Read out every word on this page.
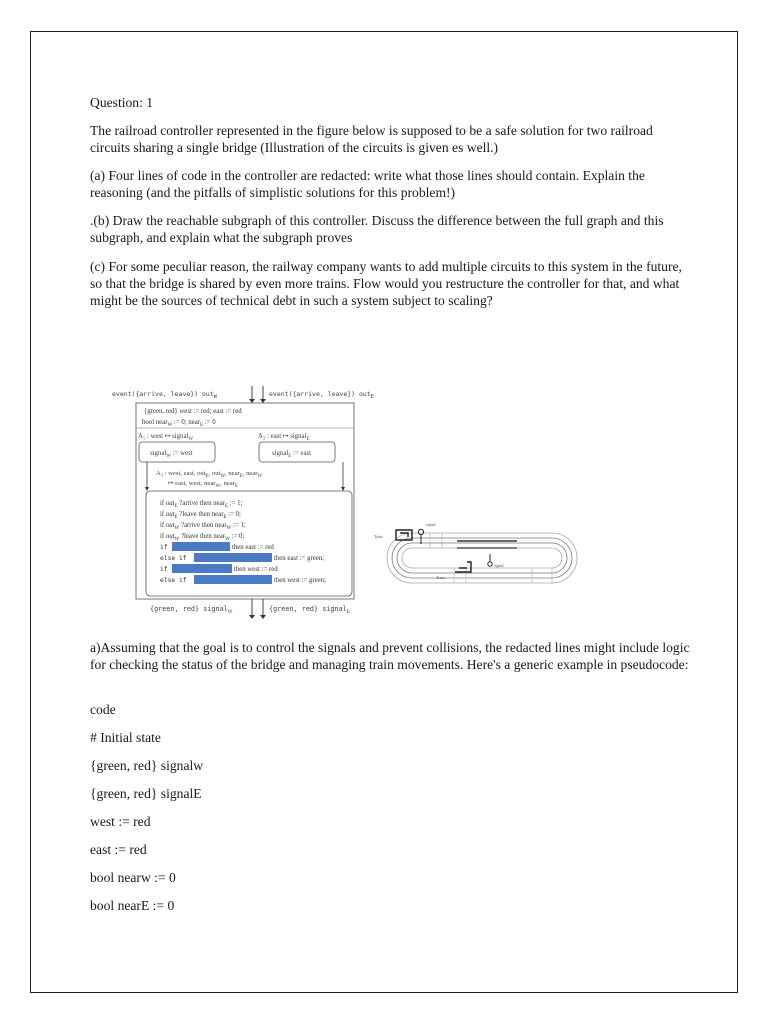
Question: 1
The railroad controller represented in the figure below is supposed to be a safe solution for two railroad circuits sharing a single bridge (Illustration of the circuits is given es well.)
(a) Four lines of code in the controller are redacted: write what those lines should contain. Explain the reasoning (and the pitfalls of simplistic solutions for this problem!)
.(b) Draw the reachable subgraph of this controller. Discuss the difference between the full graph and this subgraph, and explain what the subgraph proves
(c) For some peculiar reason, the railway company wants to add multiple circuits to this system in the future, so that the bridge is shared by even more trains. Flow would you restructure the controller for that, and what might be the sources of technical debt in such a system subject to scaling?
event({arrive, leave}) out$_W$	event({arrive, leave}) out$_E$
{green, red} west := red; east := red
bool near$_W$ := 0; near$_E$ := 0
A₁ : west ↦ signal$_W$	A₂ : east ↦ signal$_E$
signal$_W$ := west	signal$_E$ := east
A₃ : west, east, out$_E$, out$_W$, near$_E$, near$_W$
↦ east, west, near$_W$, near$_E$
if out$_E$ ?arrive then near$_E$ := 1;
if out$_E$ ?leave then near$_E$ := 0;
if out$_W$ ?arrive then near$_W$ := 1;
if out$_W$ ?leave then near$_W$ := 0;
if	then east := red
else if	then east := green;
if	then west := red
else if	then west := green;
{green, red} signal$_W$	{green, red} signal$_E$
Train
Train
signal
signal
a)Assuming that the goal is to control the signals and prevent collisions, the redacted lines might include logic for checking the status of the bridge and managing train movements. Here's a generic example in pseudocode:
code
# Initial state
{green, red} signalw
{green, red} signalE
west := red
east := red
bool nearw := 0
bool nearE := 0
